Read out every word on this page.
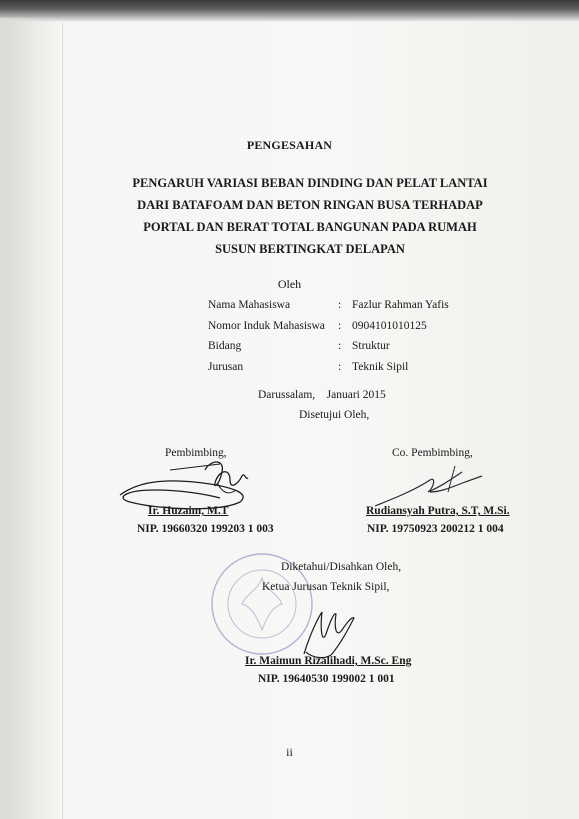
PENGESAHAN
PENGARUH VARIASI BEBAN DINDING DAN PELAT LANTAI
DARI BATAFOAM DAN BETON RINGAN BUSA TERHADAP
PORTAL DAN BERAT TOTAL BANGUNAN PADA RUMAH
SUSUN BERTINGKAT DELAPAN
Oleh
Nama Mahasiswa	: Fazlur Rahman Yafis
Nomor Induk Mahasiswa : 0904101010125
Bidang	: Struktur
Jurusan	: Teknik Sipil
Darussalam,    Januari 2015
Disetujui Oleh,
Pembimbing,	Co. Pembimbing,
Ir. Huzaim, M.T	Rudiansyah Putra, S.T, M.Si.
NIP. 19660320 199203 1 003	NIP. 19750923 200212 1 004
Diketahui/Disahkan Oleh,
Ketua Jurusan Teknik Sipil,
Ir. Maimun Rizalihadi, M.Sc. Eng
NIP. 19640530 199002 1 001
ii
